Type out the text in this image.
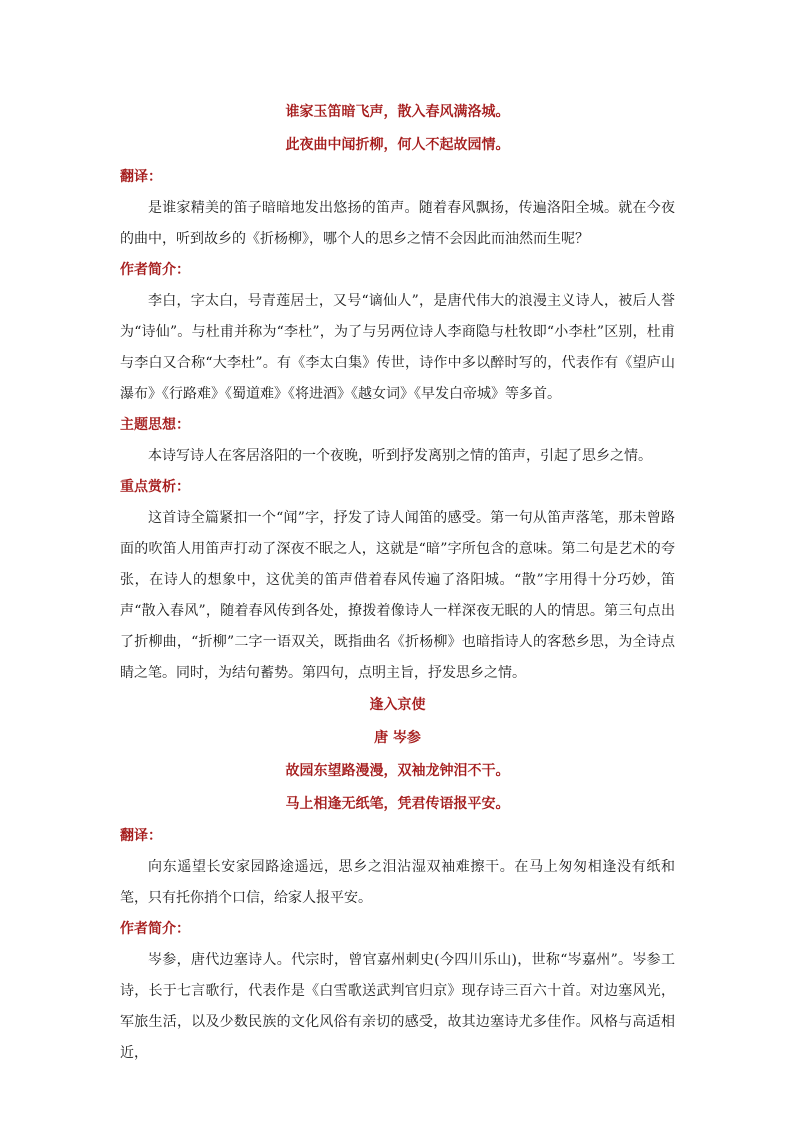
谁家玉笛暗飞声，散入春风满洛城。
此夜曲中闻折柳，何人不起故园情。
翻译：

是谁家精美的笛子暗暗地发出悠扬的笛声。随着春风飘扬，传遍洛阳全城。就在今夜的曲中，听到故乡的《折杨柳》，哪个人的思乡之情不会因此而油然而生呢？

作者简介：

李白，字太白，号青莲居士，又号“谪仙人”，是唐代伟大的浪漫主义诗人，被后人誉为“诗仙”。与杜甫并称为“李杜”，为了与另两位诗人李商隐与杜牧即“小李杜”区别，杜甫与李白又合称“大李杜”。有《李太白集》传世，诗作中多以醉时写的，代表作有《望庐山瀑布》《行路难》《蜀道难》《将进酒》《越女词》《早发白帝城》等多首。

主题思想：

本诗写诗人在客居洛阳的一个夜晚，听到抒发离别之情的笛声，引起了思乡之情。

重点赏析：

这首诗全篇紧扣一个“闻”字，抒发了诗人闻笛的感受。第一句从笛声落笔，那未曾路面的吹笛人用笛声打动了深夜不眠之人，这就是“暗”字所包含的意味。第二句是艺术的夸张，在诗人的想象中，这优美的笛声借着春风传遍了洛阳城。“散”字用得十分巧妙，笛声“散入春风”，随着春风传到各处，撩拨着像诗人一样深夜无眠的人的情思。第三句点出了折柳曲，“折柳”二字一语双关，既指曲名《折杨柳》也暗指诗人的客愁乡思，为全诗点睛之笔。同时，为结句蓄势。第四句，点明主旨，抒发思乡之情。

逢入京使
唐 岑参
故园东望路漫漫，双袖龙钟泪不干。
马上相逢无纸笔，凭君传语报平安。
翻译：

向东遥望长安家园路途遥远，思乡之泪沾湿双袖难擦干。在马上匆匆相逢没有纸和笔，只有托你捎个口信，给家人报平安。

作者简介：

岑参，唐代边塞诗人。代宗时，曾官嘉州刺史(今四川乐山)，世称“岑嘉州”。岑参工诗，长于七言歌行，代表作是《白雪歌送武判官归京》现存诗三百六十首。对边塞风光，军旅生活，以及少数民族的文化风俗有亲切的感受，故其边塞诗尤多佳作。风格与高适相近，
